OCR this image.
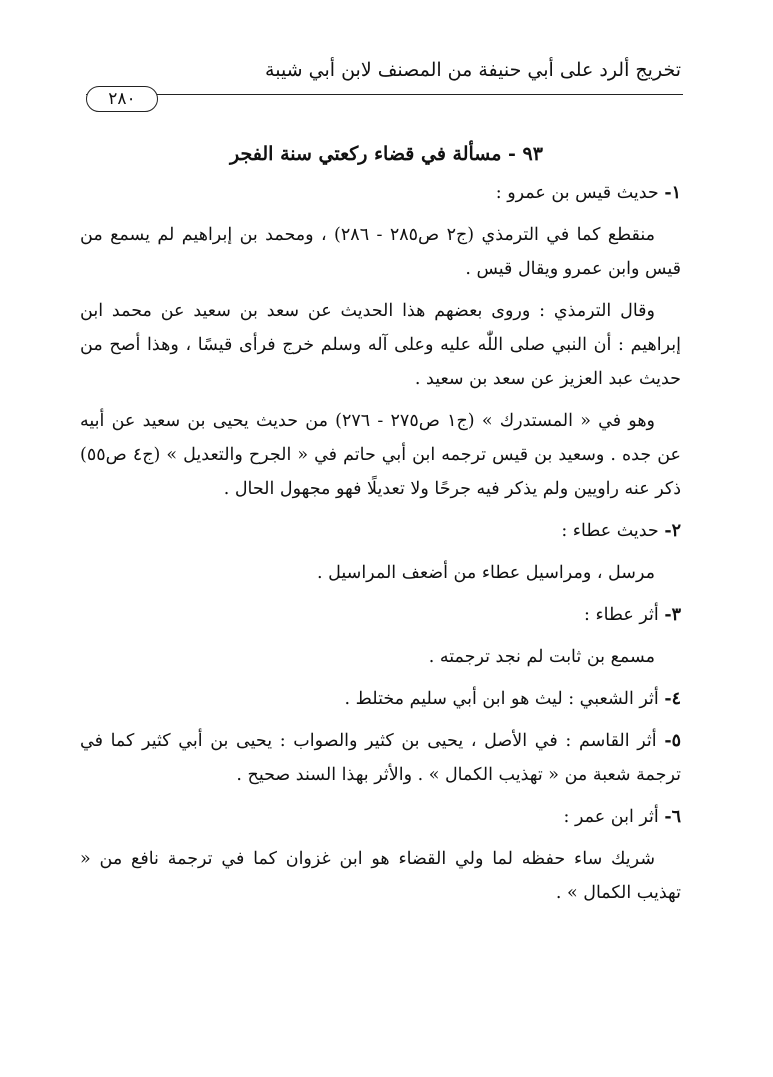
تخريج ألرد على أبي حنيفة من المصنف لابن أبي شيبة
٢٨٠
٩٣ - مسألة في قضاء ركعتي سنة الفجر

١- حديث قيس بن عمرو :

منقطع كما في الترمذي (ج٢ ص٢٨٥ - ٢٨٦) ، ومحمد بن إبراهيم لم يسمع من قيس وابن عمرو ويقال قيس .

وقال الترمذي : وروى بعضهم هذا الحديث عن سعد بن سعيد عن محمد ابن إبراهيم : أن النبي صلى اللّٰه عليه وعلى آله وسلم خرج فرأى قيسًا ، وهذا أصح من حديث عبد العزيز عن سعد بن سعيد .

وهو في « المستدرك » (ج١ ص٢٧٥ - ٢٧٦) من حديث يحيى بن سعيد عن أبيه عن جده . وسعيد بن قيس ترجمه ابن أبي حاتم في « الجرح والتعديل » (ج٤ ص٥٥) ذكر عنه راويين ولم يذكر فيه جرحًا ولا تعديلًا فهو مجهول الحال .

٢- حديث عطاء :

مرسل ، ومراسيل عطاء من أضعف المراسيل .

٣- أثر عطاء :

مسمع بن ثابت لم نجد ترجمته .

٤- أثر الشعبي : ليث هو ابن أبي سليم مختلط .

٥- أثر القاسم : في الأصل ، يحيى بن كثير والصواب : يحيى بن أبي كثير كما في ترجمة شعبة من « تهذيب الكمال » . والأثر بهذا السند صحيح .

٦- أثر ابن عمر :

شريك ساء حفظه لما ولي القضاء هو ابن غزوان كما في ترجمة نافع من « تهذيب الكمال » .
